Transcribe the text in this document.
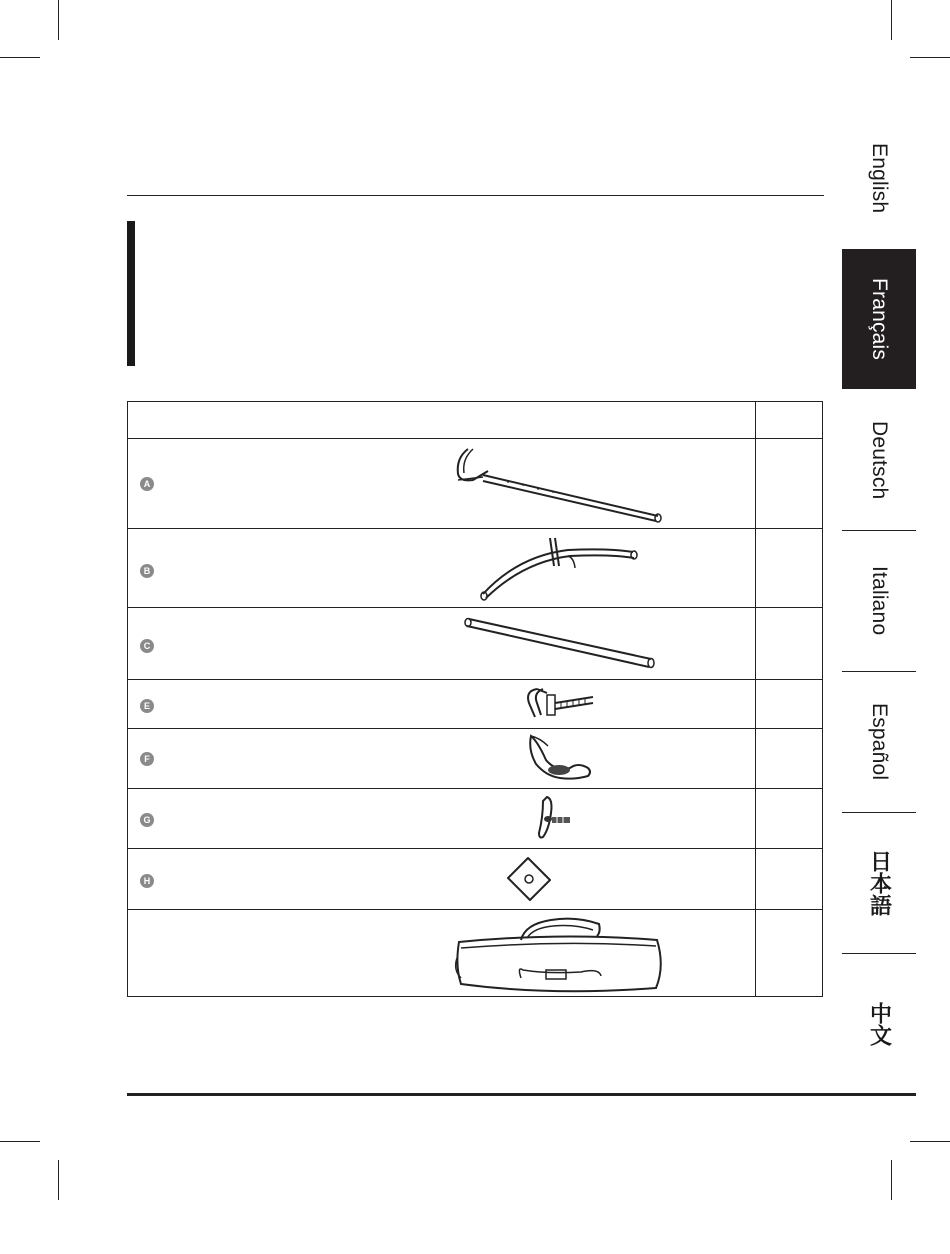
English
Français
Deutsch
Italiano
Español
日本語
中文
A
B
C
E
F
G
H
